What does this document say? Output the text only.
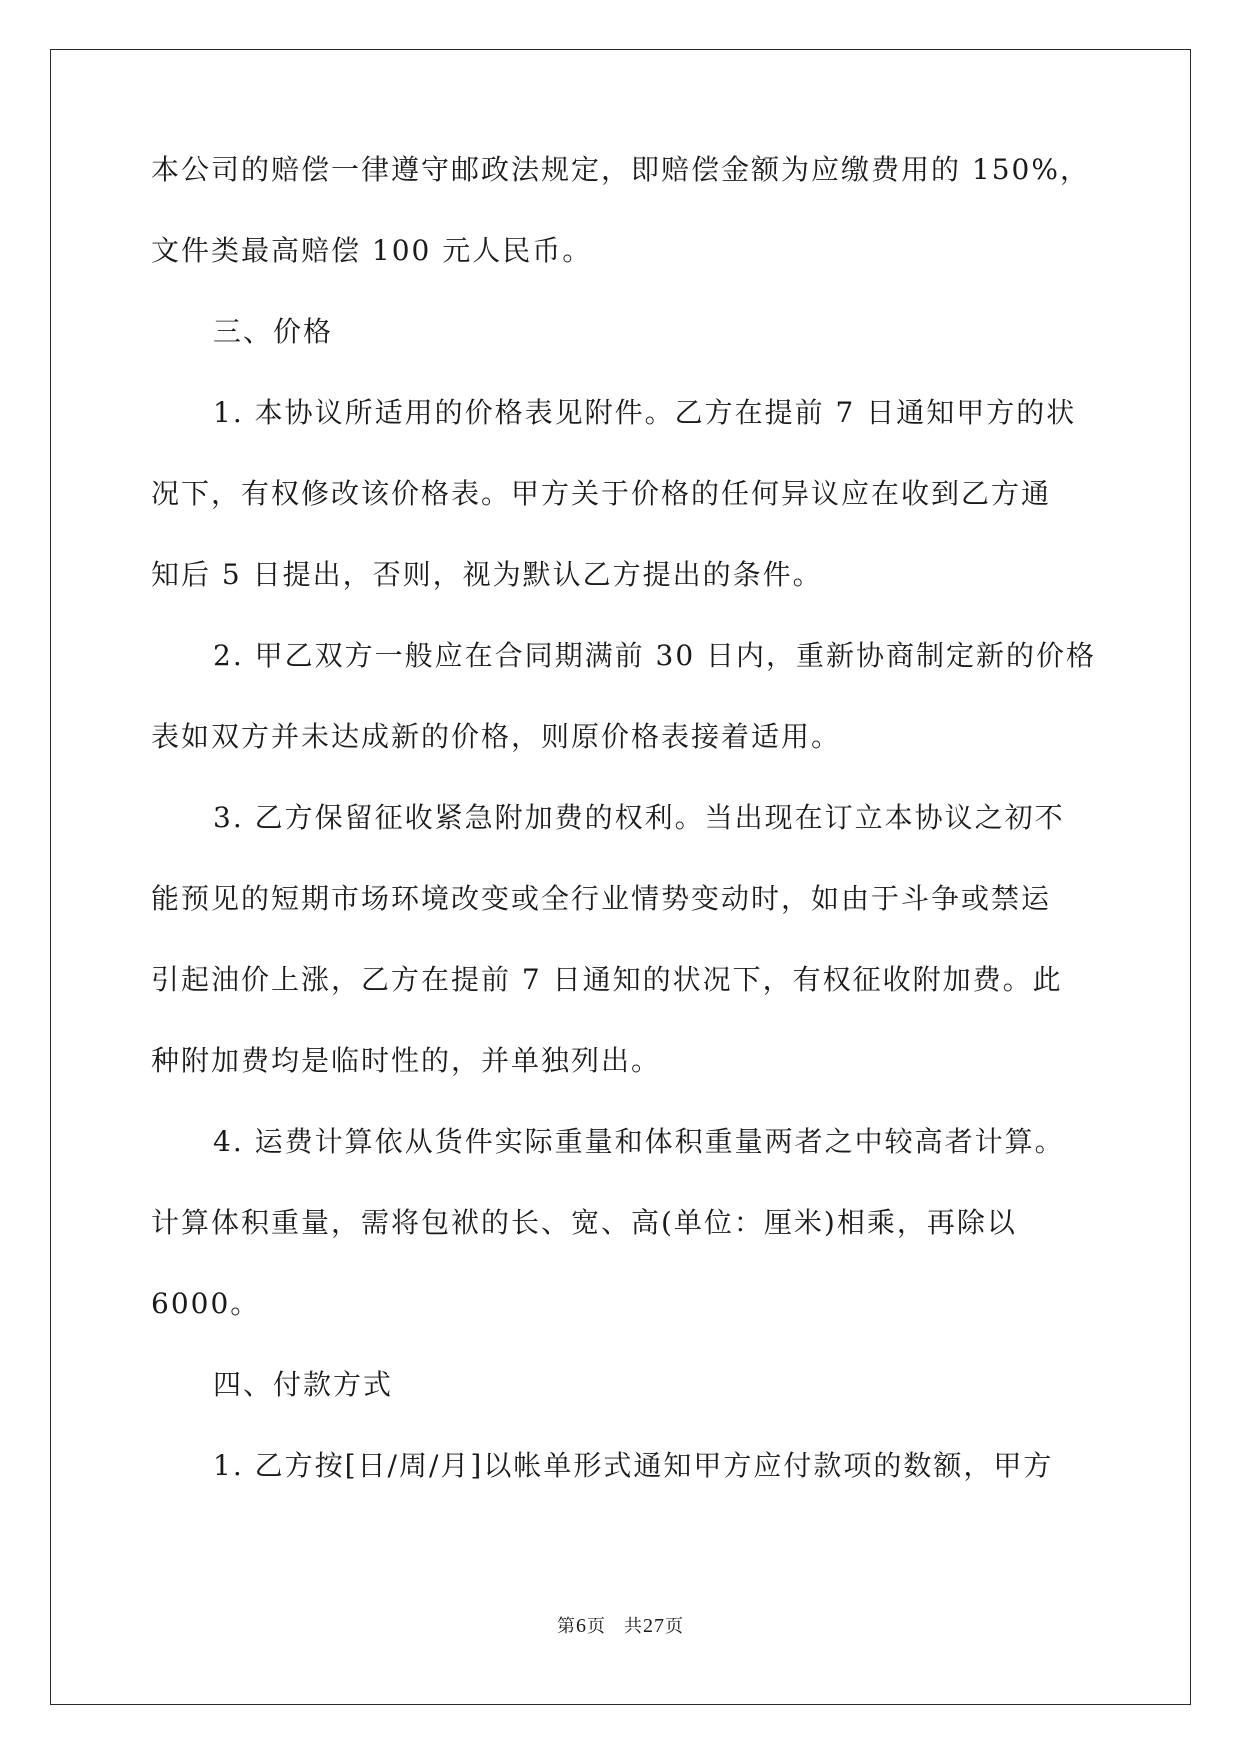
本公司的赔偿一律遵守邮政法规定，即赔偿金额为应缴费用的 150%，
文件类最高赔偿 100 元人民币。
三、价格
1. 本协议所适用的价格表见附件。乙方在提前 7 日通知甲方的状
况下，有权修改该价格表。甲方关于价格的任何异议应在收到乙方通
知后 5 日提出，否则，视为默认乙方提出的条件。
2. 甲乙双方一般应在合同期满前 30 日内，重新协商制定新的价格
表如双方并未达成新的价格，则原价格表接着适用。
3. 乙方保留征收紧急附加费的权利。当出现在订立本协议之初不
能预见的短期市场环境改变或全行业情势变动时，如由于斗争或禁运
引起油价上涨，乙方在提前 7 日通知的状况下，有权征收附加费。此
种附加费均是临时性的，并单独列出。
4. 运费计算依从货件实际重量和体积重量两者之中较高者计算。
计算体积重量，需将包袱的长、宽、高(单位：厘米)相乘，再除以
6000。
四、付款方式
1. 乙方按[日/周/月]以帐单形式通知甲方应付款项的数额，甲方
第6页 共27页
